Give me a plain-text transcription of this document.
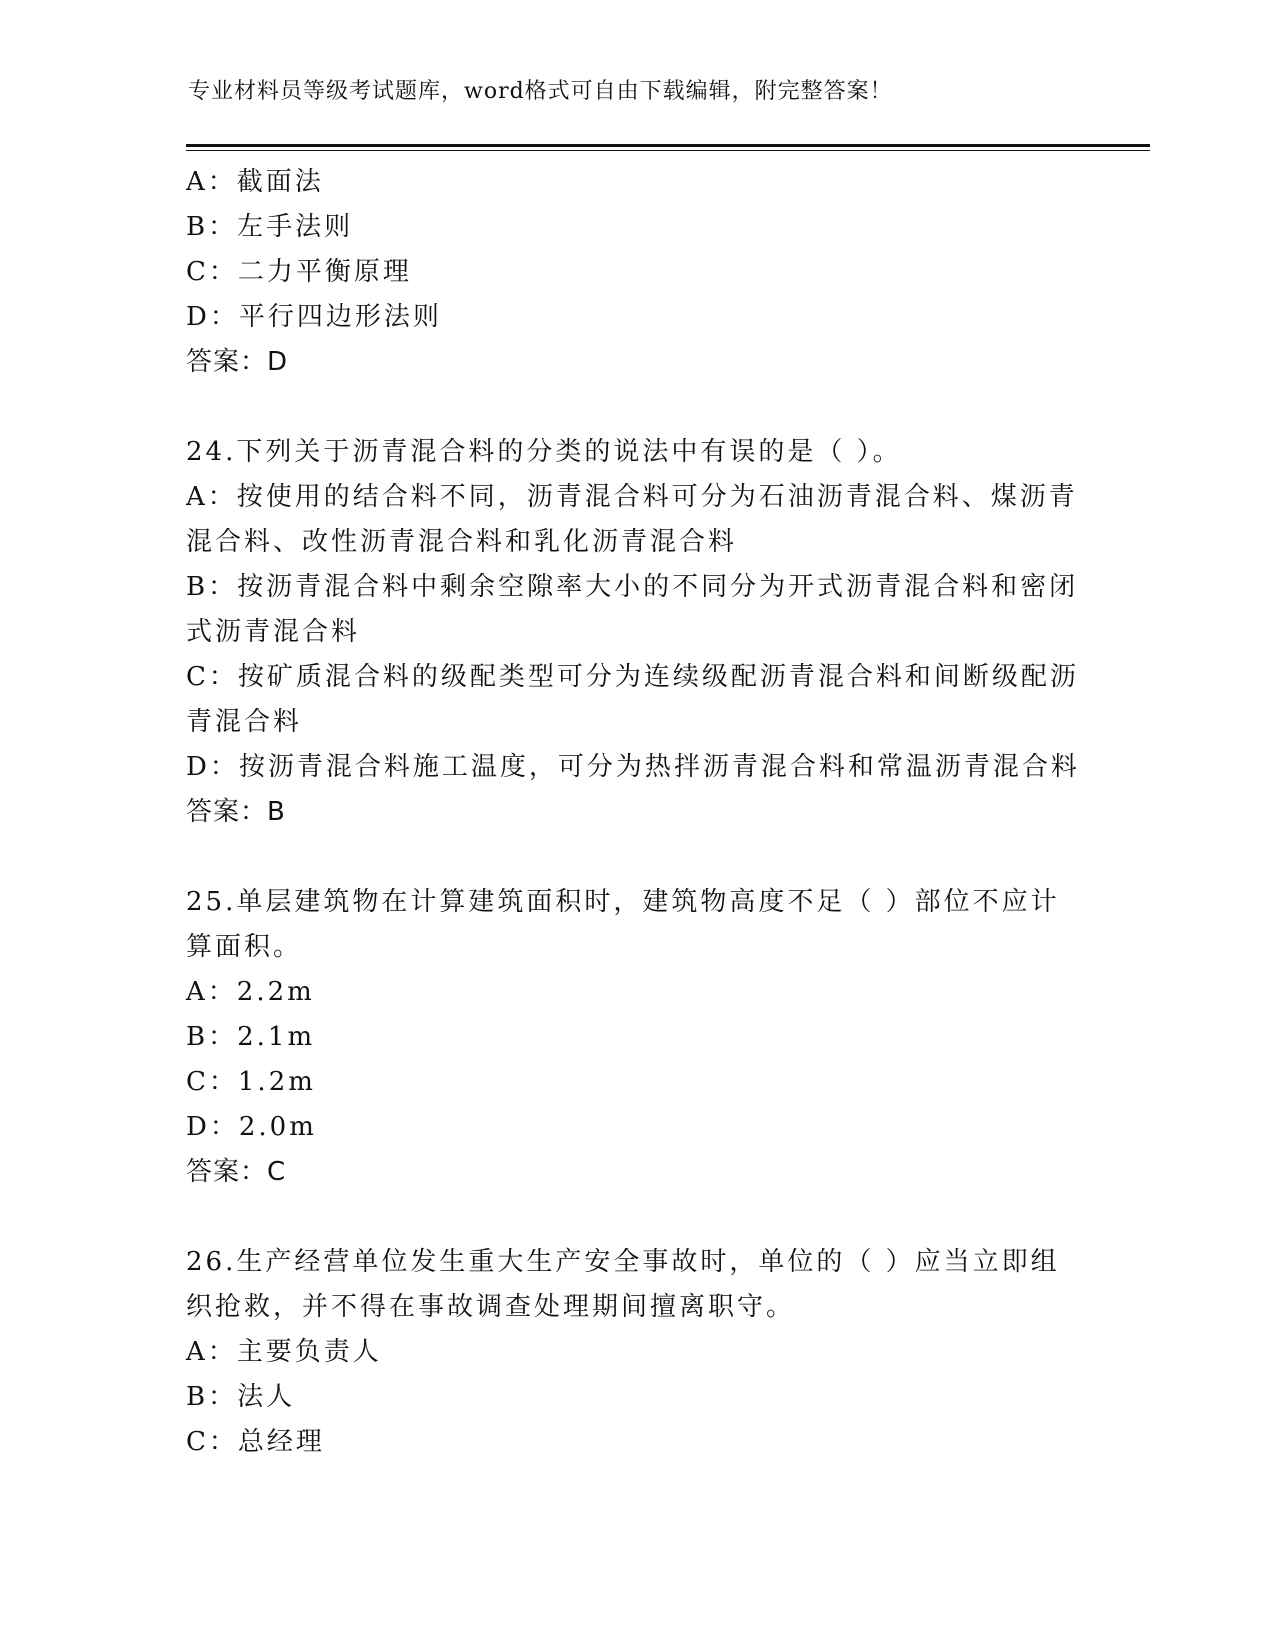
专业材料员等级考试题库，word格式可自由下载编辑，附完整答案！

A：截面法

B：左手法则

C：二力平衡原理

D：平行四边形法则

答案：D

24.下列关于沥青混合料的分类的说法中有误的是（ ）。

A：按使用的结合料不同，沥青混合料可分为石油沥青混合料、煤沥青

混合料、改性沥青混合料和乳化沥青混合料

B：按沥青混合料中剩余空隙率大小的不同分为开式沥青混合料和密闭

式沥青混合料

C：按矿质混合料的级配类型可分为连续级配沥青混合料和间断级配沥

青混合料

D：按沥青混合料施工温度，可分为热拌沥青混合料和常温沥青混合料

答案：B

25.单层建筑物在计算建筑面积时，建筑物高度不足（ ）部位不应计

算面积。

A：2.2m

B：2.1m

C：1.2m

D：2.0m

答案：C

26.生产经营单位发生重大生产安全事故时，单位的（ ）应当立即组

织抢救，并不得在事故调查处理期间擅离职守。

A：主要负责人

B：法人

C：总经理
